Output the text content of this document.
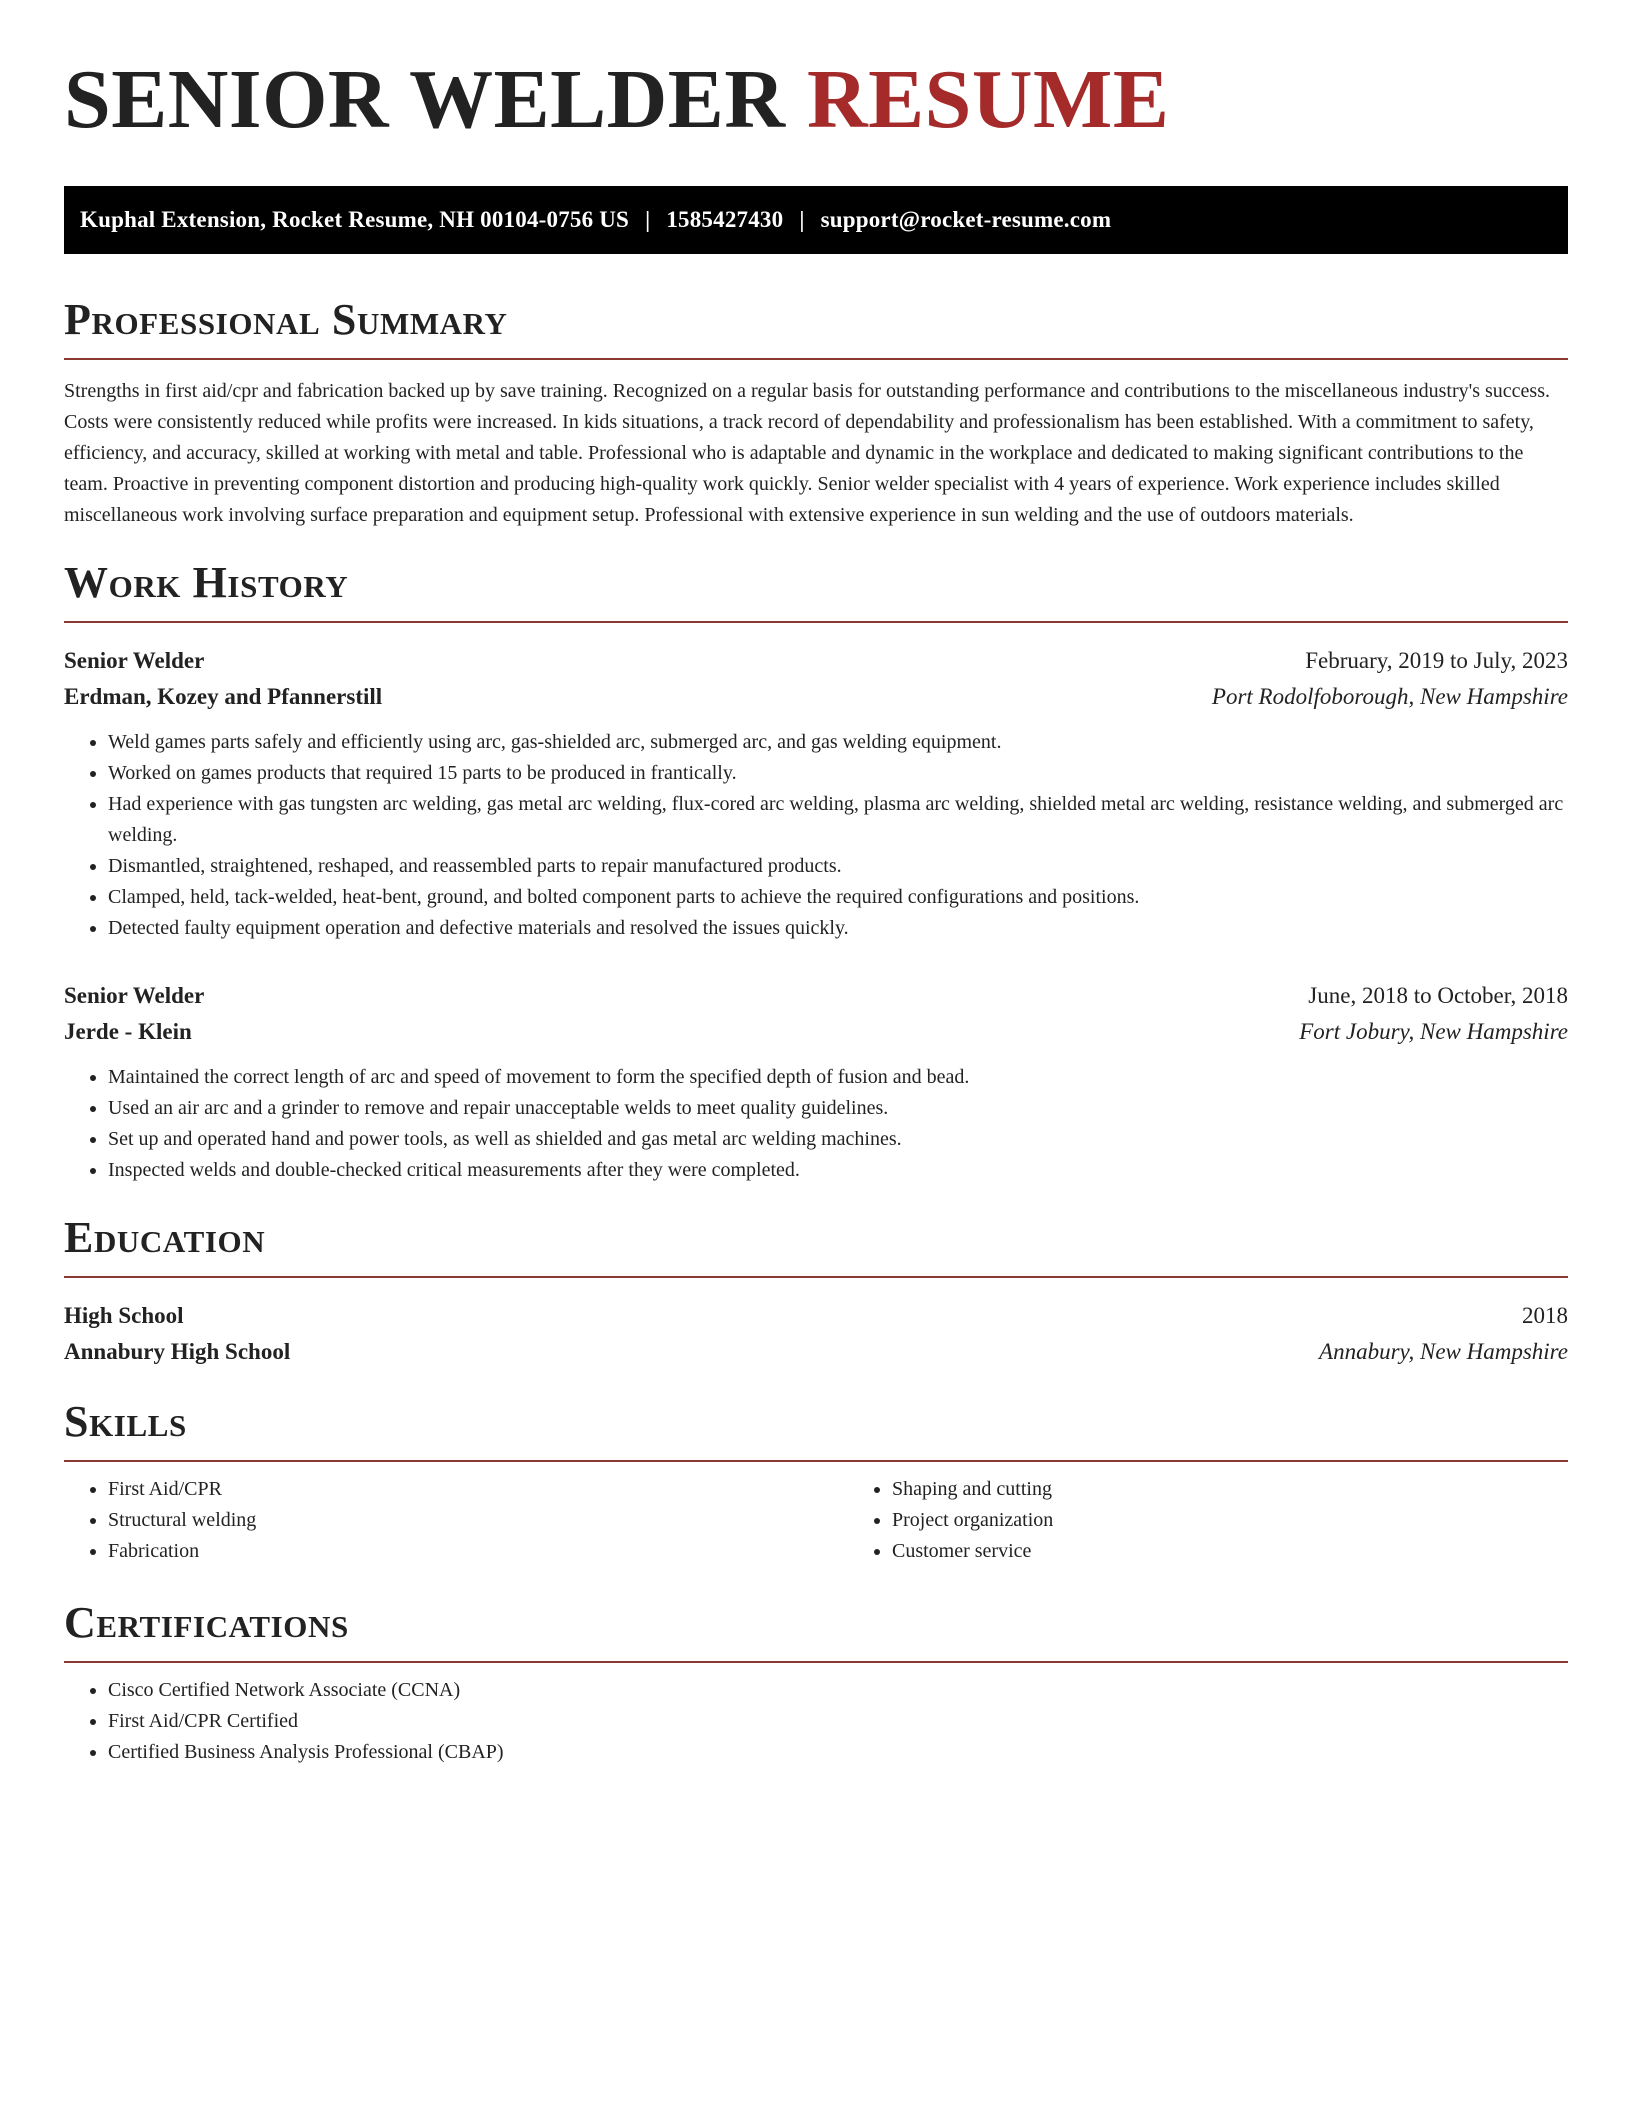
SENIOR WELDER RESUME
Kuphal Extension, Rocket Resume, NH 00104-0756 US | 1585427430 | support@rocket-resume.com
Professional Summary

Strengths in first aid/cpr and fabrication backed up by save training. Recognized on a regular basis for outstanding performance and contributions to the miscellaneous industry's success. Costs were consistently reduced while profits were increased. In kids situations, a track record of dependability and professionalism has been established. With a commitment to safety, efficiency, and accuracy, skilled at working with metal and table. Professional who is adaptable and dynamic in the workplace and dedicated to making significant contributions to the team. Proactive in preventing component distortion and producing high-quality work quickly. Senior welder specialist with 4 years of experience. Work experience includes skilled miscellaneous work involving surface preparation and equipment setup. Professional with extensive experience in sun welding and the use of outdoors materials.

Work History
Senior Welder	February, 2019 to July, 2023
Erdman, Kozey and Pfannerstill	Port Rodolfoborough, New Hampshire
• Weld games parts safely and efficiently using arc, gas-shielded arc, submerged arc, and gas welding equipment.
• Worked on games products that required 15 parts to be produced in frantically.
• Had experience with gas tungsten arc welding, gas metal arc welding, flux-cored arc welding, plasma arc welding, shielded metal arc welding, resistance welding, and submerged arc welding.
• Dismantled, straightened, reshaped, and reassembled parts to repair manufactured products.
• Clamped, held, tack-welded, heat-bent, ground, and bolted component parts to achieve the required configurations and positions.
• Detected faulty equipment operation and defective materials and resolved the issues quickly.
Senior Welder	June, 2018 to October, 2018
Jerde - Klein	Fort Jobury, New Hampshire
• Maintained the correct length of arc and speed of movement to form the specified depth of fusion and bead.
• Used an air arc and a grinder to remove and repair unacceptable welds to meet quality guidelines.
• Set up and operated hand and power tools, as well as shielded and gas metal arc welding machines.
• Inspected welds and double-checked critical measurements after they were completed.
Education
High School	2018
Annabury High School	Annabury, New Hampshire
Skills
• First Aid/CPR
• Structural welding
• Fabrication
• Shaping and cutting
• Project organization
• Customer service
Certifications
• Cisco Certified Network Associate (CCNA)
• First Aid/CPR Certified
• Certified Business Analysis Professional (CBAP)
